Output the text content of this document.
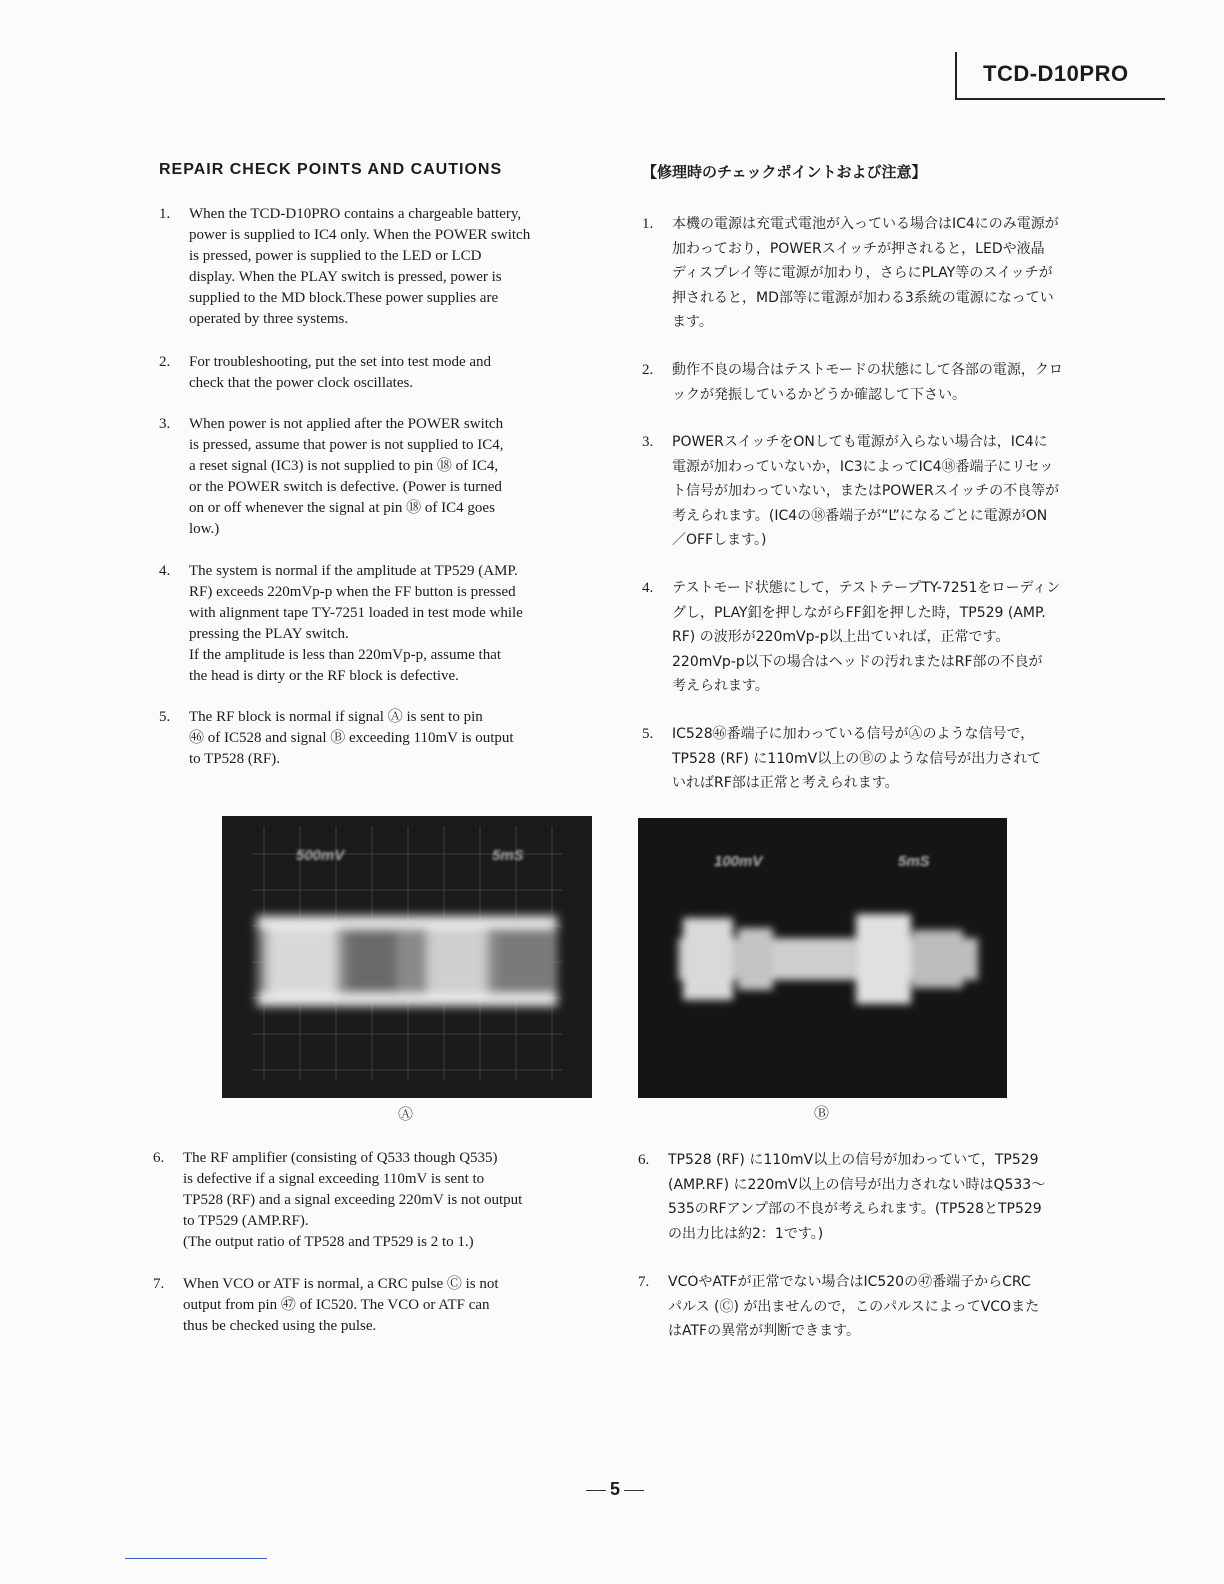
TCD-D10PRO
REPAIR CHECK POINTS AND CAUTIONS	【修理時のチェックポイントおよび注意】
1. When the TCD-D10PRO contains a chargeable battery,
power is supplied to IC4 only. When the POWER switch
is pressed, power is supplied to the LED or LCD
display. When the PLAY switch is pressed, power is
supplied to the MD block.These power supplies are
operated by three systems.
2. For troubleshooting, put the set into test mode and
check that the power clock oscillates.
3. When power is not applied after the POWER switch
is pressed, assume that power is not supplied to IC4,
a reset signal (IC3) is not supplied to pin ⑱ of IC4,
or the POWER switch is defective. (Power is turned
on or off whenever the signal at pin ⑱ of IC4 goes
low.)
4. The system is normal if the amplitude at TP529 (AMP.
RF) exceeds 220mVp-p when the FF button is pressed
with alignment tape TY-7251 loaded in test mode while
pressing the PLAY switch.
If the amplitude is less than 220mVp-p, assume that
the head is dirty or the RF block is defective.
5. The RF block is normal if signal Ⓐ is sent to pin
㊻ of IC528 and signal Ⓑ exceeding 110mV is output
to TP528 (RF).
6. The RF amplifier (consisting of Q533 though Q535)
is defective if a signal exceeding 110mV is sent to
TP528 (RF) and a signal exceeding 220mV is not output
to TP529 (AMP.RF).
(The output ratio of TP528 and TP529 is 2 to 1.)
7. When VCO or ATF is normal, a CRC pulse Ⓒ is not
output from pin ㊼ of IC520. The VCO or ATF can
thus be checked using the pulse.
1. 本機の電源は充電式電池が入っている場合はIC4にのみ電源が
加わっており，POWERスイッチが押されると，LEDや液晶
ディスプレイ等に電源が加わり，さらにPLAY等のスイッチが
押されると，MD部等に電源が加わる3系統の電源になってい
ます。
2. 動作不良の場合はテストモードの状態にして各部の電源，クロ
ックが発振しているかどうか確認して下さい。
3. POWERスイッチをONしても電源が入らない場合は，IC4に
電源が加わっていないか，IC3によってIC4⑱番端子にリセッ
ト信号が加わっていない，またはPOWERスイッチの不良等が
考えられます。(IC4の⑱番端子が“L”になるごとに電源がON
／OFFします。)
4. テストモード状態にして，テストテープTY-7251をローディン
グし，PLAY釦を押しながらFF釦を押した時，TP529 (AMP.
RF) の波形が220mVp-p以上出ていれば，正常です。
220mVp-p以下の場合はヘッドの汚れまたはRF部の不良が
考えられます。
5. IC528㊻番端子に加わっている信号がⒶのような信号で，
TP528 (RF) に110mV以上のⒷのような信号が出力されて
いればRF部は正常と考えられます。
6. TP528 (RF) に110mV以上の信号が加わっていて，TP529
(AMP.RF) に220mV以上の信号が出力されない時はQ533～
535のRFアンプ部の不良が考えられます。(TP528とTP529
の出力比は約2：1です。)
7. VCOやATFが正常でない場合はIC520の㊼番端子からCRC
パルス (Ⓒ) が出ませんので，このパルスによってVCOまた
はATFの異常が判断できます。
500mV	5mS
Ⓐ
100mV	5mS
Ⓑ
5
